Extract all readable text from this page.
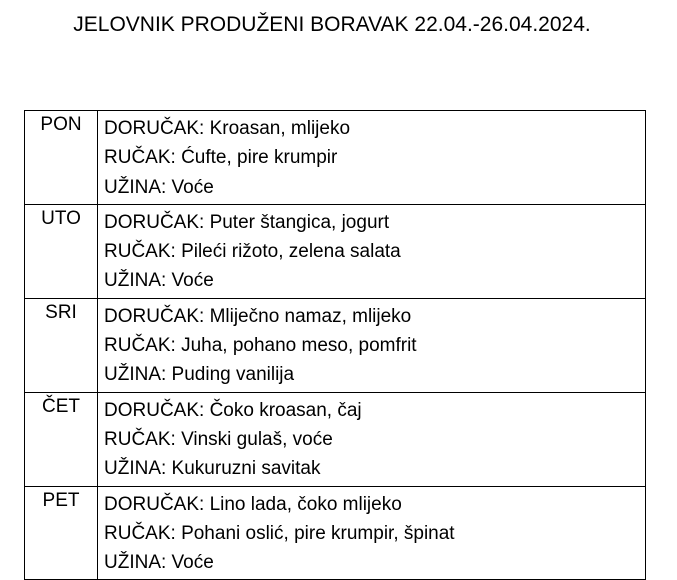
JELOVNIK PRODUŽENI BORAVAK 22.04.-26.04.2024.
PON	DORUČAK: Kroasan, mlijeko
RUČAK: Ćufte, pire krumpir
UŽINA: Voće

UTO	DORUČAK: Puter štangica, jogurt
RUČAK: Pileći rižoto, zelena salata
UŽINA: Voće

SRI	DORUČAK: Mliječno namaz, mlijeko
RUČAK: Juha, pohano meso, pomfrit
UŽINA: Puding vanilija

ČET	DORUČAK: Čoko kroasan, čaj
RUČAK: Vinski gulaš, voće
UŽINA: Kukuruzni savitak

PET	DORUČAK: Lino lada, čoko mlijeko
RUČAK: Pohani oslić, pire krumpir, špinat
UŽINA: Voće
